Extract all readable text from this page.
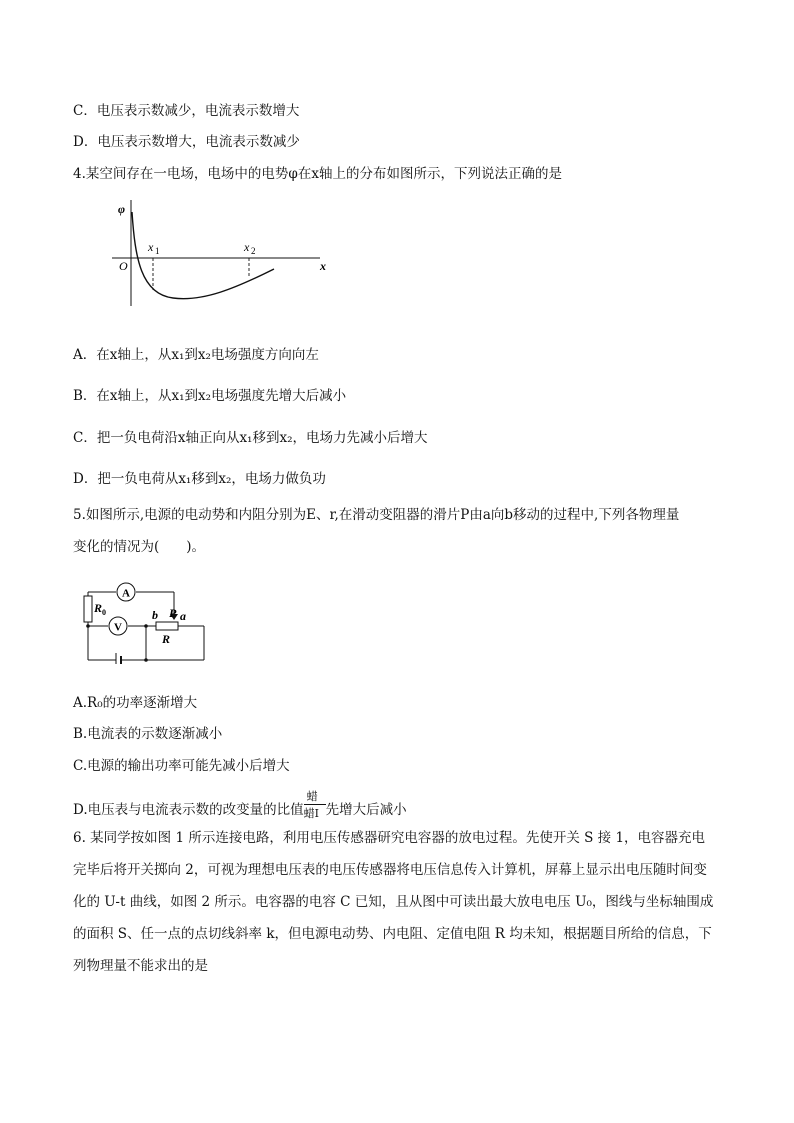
C．电压表示数减少，电流表示数增大
D．电压表示数增大，电流表示数减少
4.某空间存在一电场，电场中的电势φ在x轴上的分布如图所示，下列说法正确的是
φ
x
O
x 1	x 2
A．在x轴上，从x₁到x₂电场强度方向向左
B．在x轴上，从x₁到x₂电场强度先增大后减小
C．把一负电荷沿x轴正向从x₁移到x₂，电场力先减小后增大
D．把一负电荷从x₁移到x₂，电场力做负功
5.如图所示,电源的电动势和内阻分别为E、r,在滑动变阻器的滑片P由a向b移动的过程中,下列各物理量
变化的情况为(　　)。
A
V
R 0	b P a
R
A.R₀的功率逐渐增大
B.电流表的示数逐渐减小
C.电源的输出功率可能先减小后增大
D.电压表与电流表示数的改变量的比值 $\frac{\text{蜡}}{\text{蜡I}}$ 先增大后减小
6. 某同学按如图 1 所示连接电路，利用电压传感器研究电容器的放电过程。先使开关 S 接 1，电容器充电
完毕后将开关掷向 2，可视为理想电压表的电压传感器将电压信息传入计算机，屏幕上显示出电压随时间变
化的 U-t 曲线，如图 2 所示。电容器的电容 C 已知，且从图中可读出最大放电电压 U₀，图线与坐标轴围成
的面积 S、任一点的点切线斜率 k，但电源电动势、内电阻、定值电阻 R 均未知，根据题目所给的信息，下
列物理量不能求出的是
